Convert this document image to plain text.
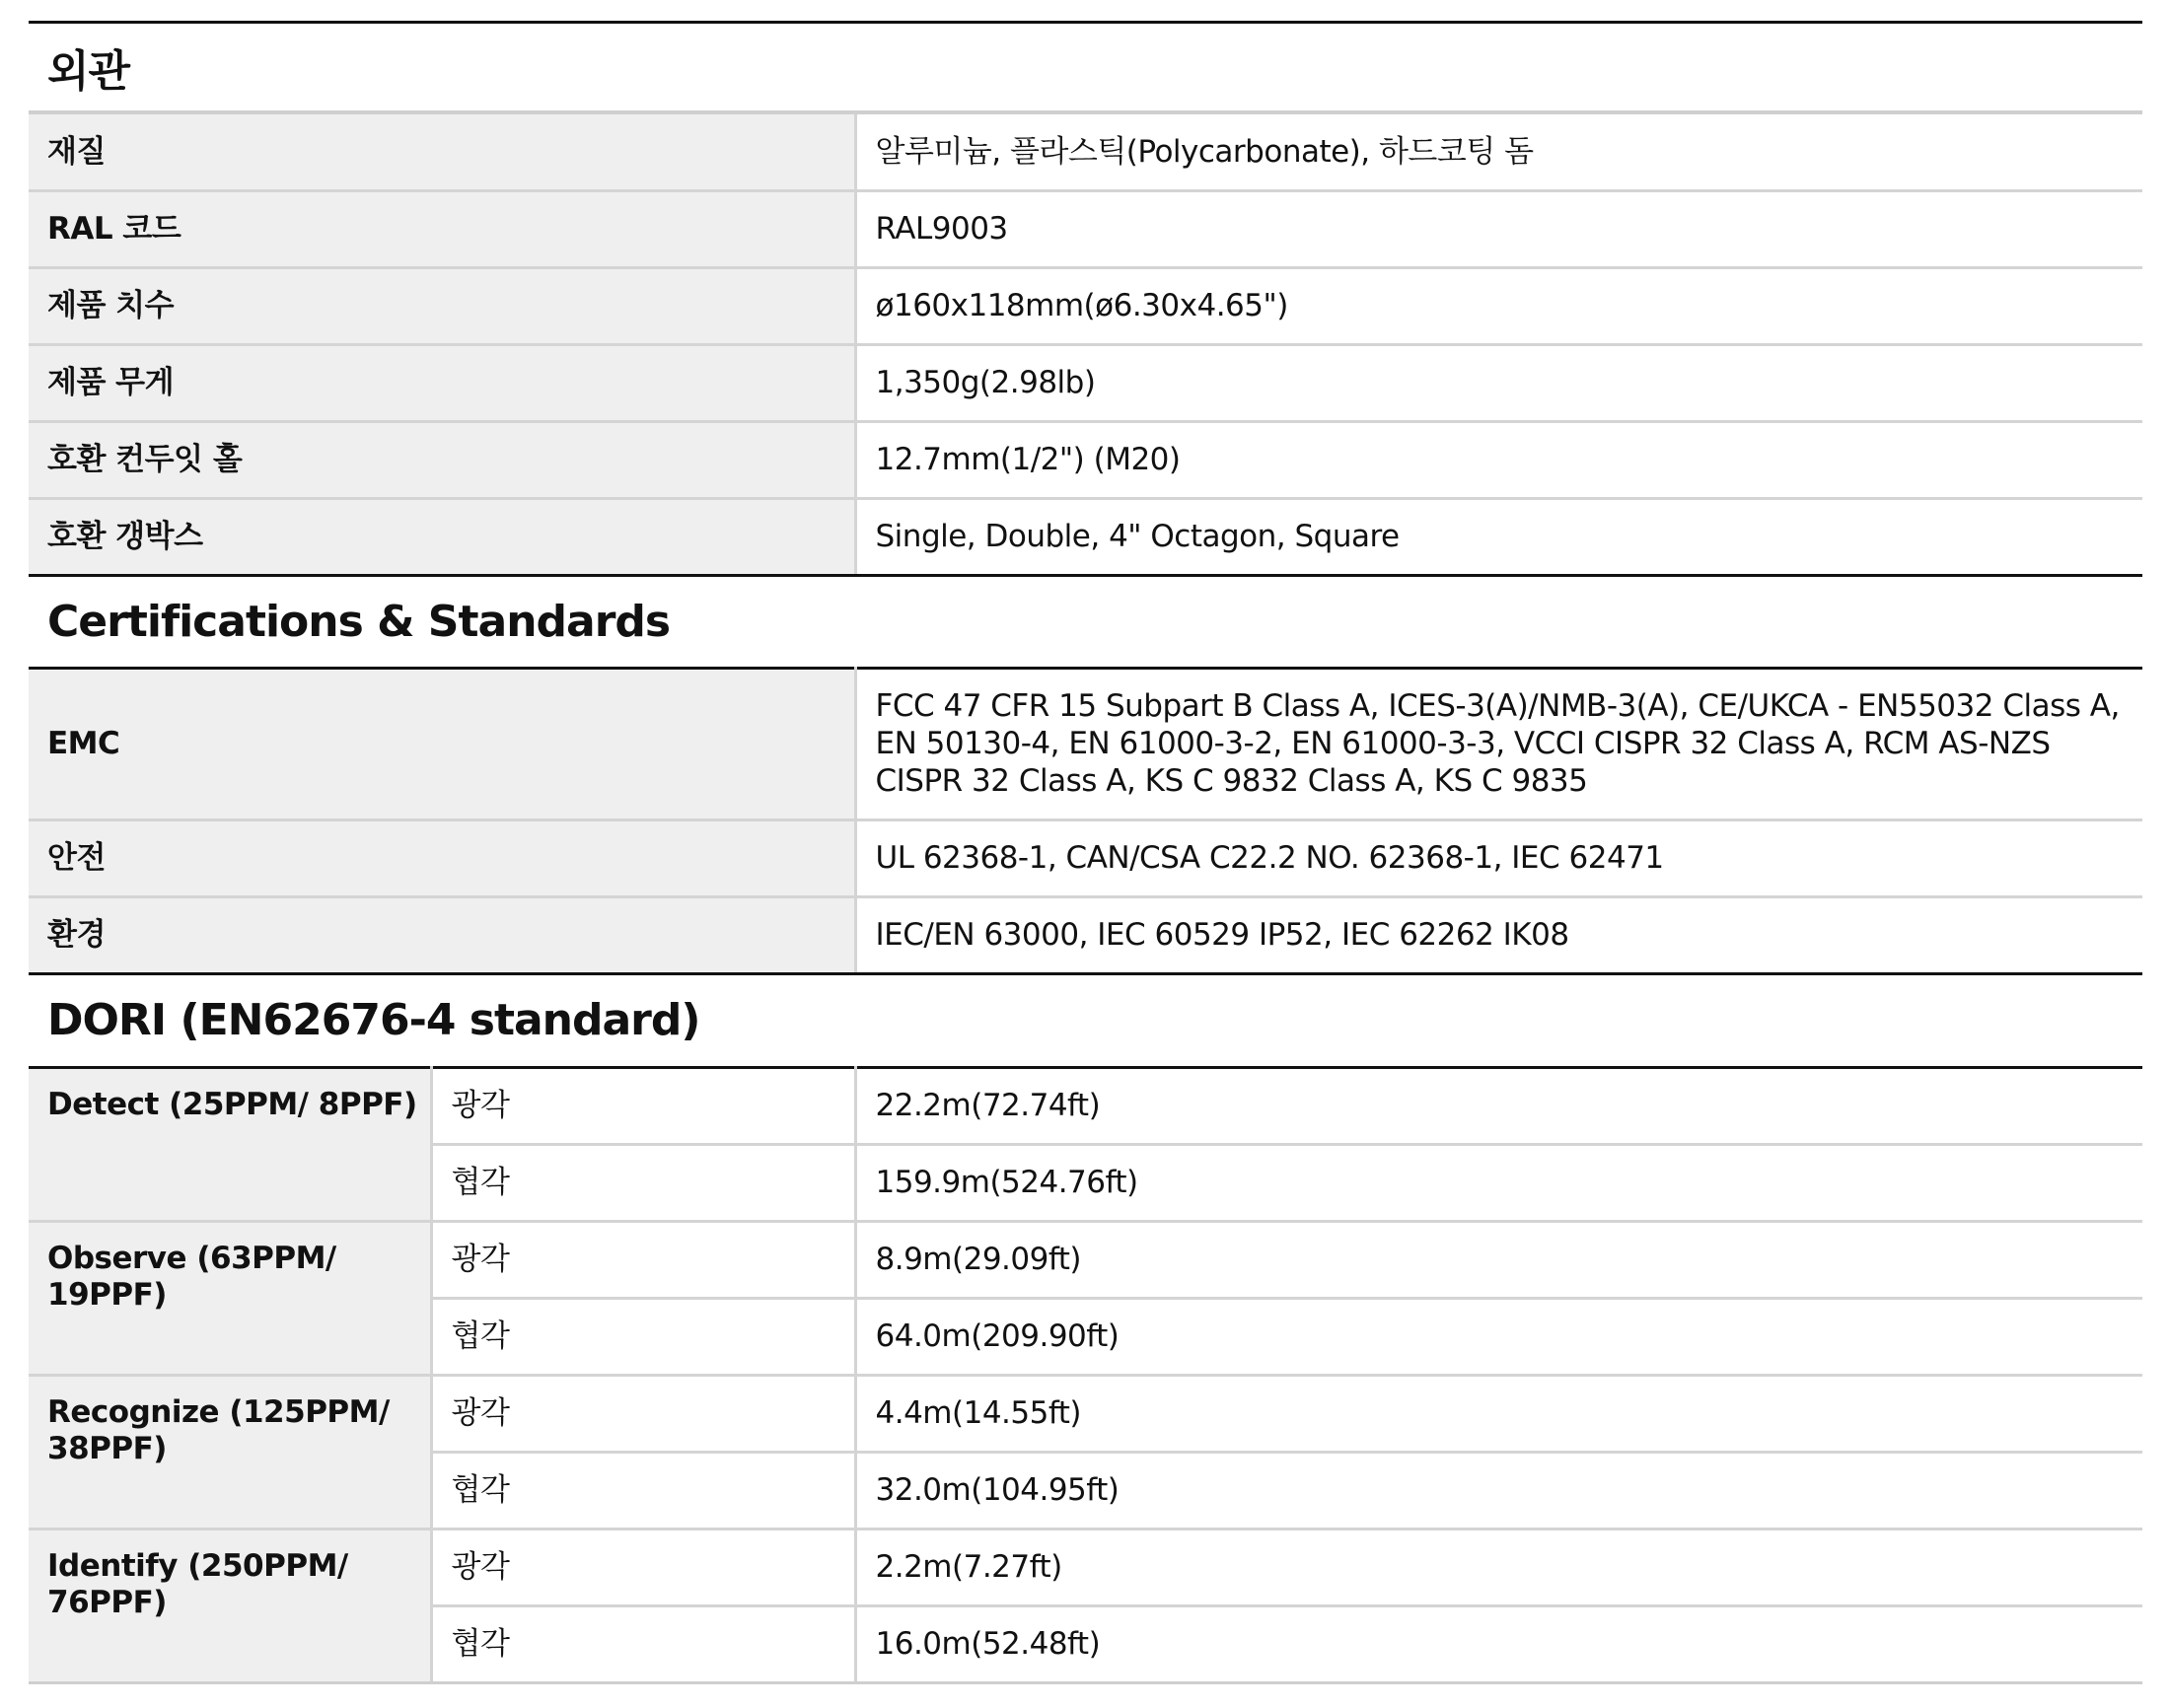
외관
재질	알루미늄, 플라스틱(Polycarbonate), 하드코팅 돔
RAL 코드	RAL9003
제품 치수	ø160x118mm(ø6.30x4.65")
제품 무게	1,350g(2.98lb)
호환 컨두잇 홀	12.7mm(1/2") (M20)
호환 갱박스	Single, Double, 4" Octagon, Square
Certifications & Standards
EMC	FCC 47 CFR 15 Subpart B Class A, ICES-3(A)/NMB-3(A), CE/UKCA - EN55032 Class A, EN 50130-4, EN 61000-3-2, EN 61000-3-3, VCCI CISPR 32 Class A, RCM AS-NZS CISPR 32 Class A, KS C 9832 Class A, KS C 9835
안전	UL 62368-1, CAN/CSA C22.2 NO. 62368-1, IEC 62471
환경	IEC/EN 63000, IEC 60529 IP52, IEC 62262 IK08
DORI (EN62676-4 standard)
Detect (25PPM/ 8PPF)	광각	22.2m(72.74ft)
	협각	159.9m(524.76ft)
Observe (63PPM/ 19PPF)	광각	8.9m(29.09ft)
	협각	64.0m(209.90ft)
Recognize (125PPM/ 38PPF)	광각	4.4m(14.55ft)
	협각	32.0m(104.95ft)
Identify (250PPM/ 76PPF)	광각	2.2m(7.27ft)
	협각	16.0m(52.48ft)
